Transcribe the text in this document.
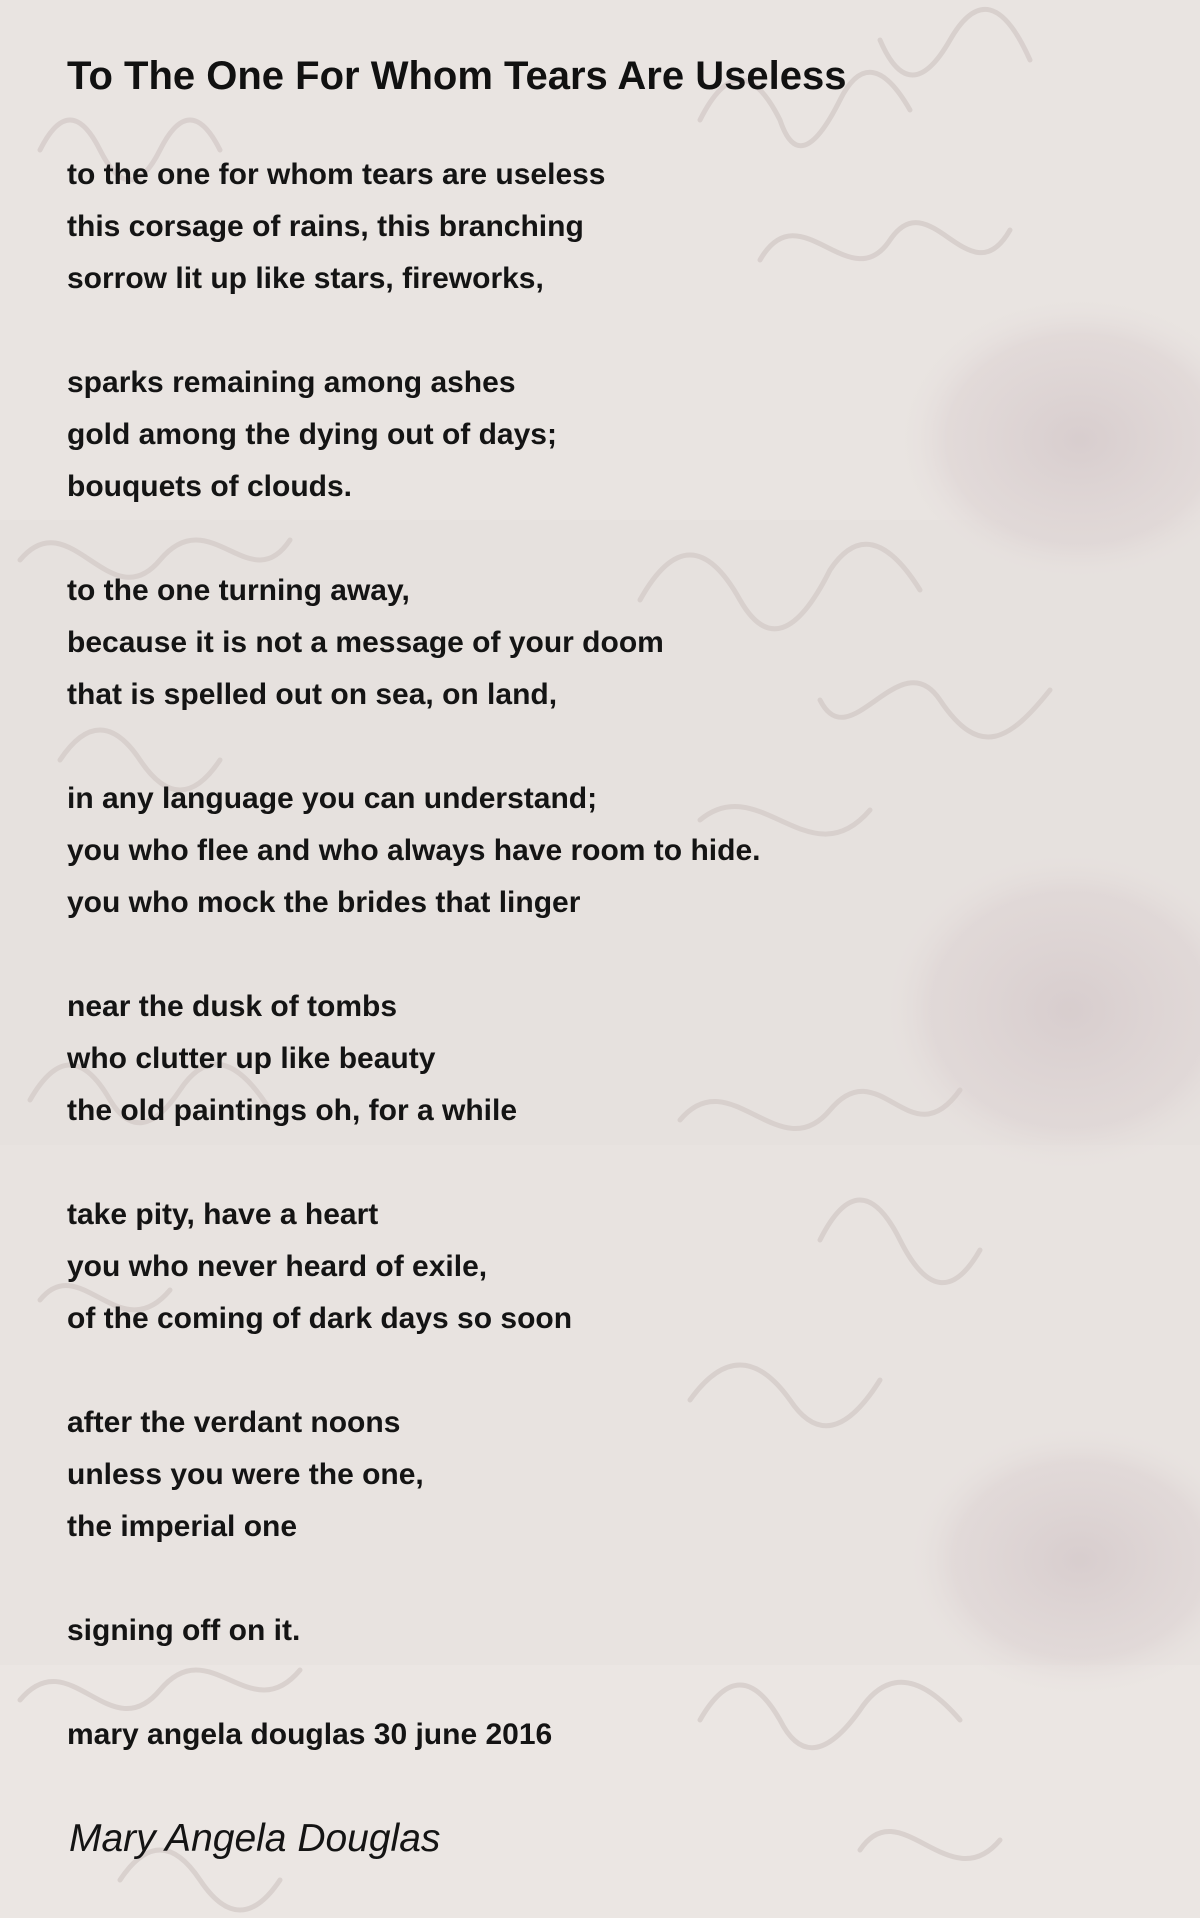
To The One For Whom Tears Are Useless
to the one for whom tears are useless
this corsage of rains, this branching
sorrow lit up like stars, fireworks,
sparks remaining among ashes
gold among the dying out of days;
bouquets of clouds.
to the one turning away,
because it is not a message of your doom
that is spelled out on sea, on land,
in any language you can understand;
you who flee and who always have room to hide.
you who mock the brides that linger
near the dusk of tombs
who clutter up like beauty
the old paintings oh, for a while
take pity, have a heart
you who never heard of exile,
of the coming of dark days so soon
after the verdant noons
unless you were the one,
the imperial one
signing off on it.
mary angela douglas 30 june 2016

Mary Angela Douglas
